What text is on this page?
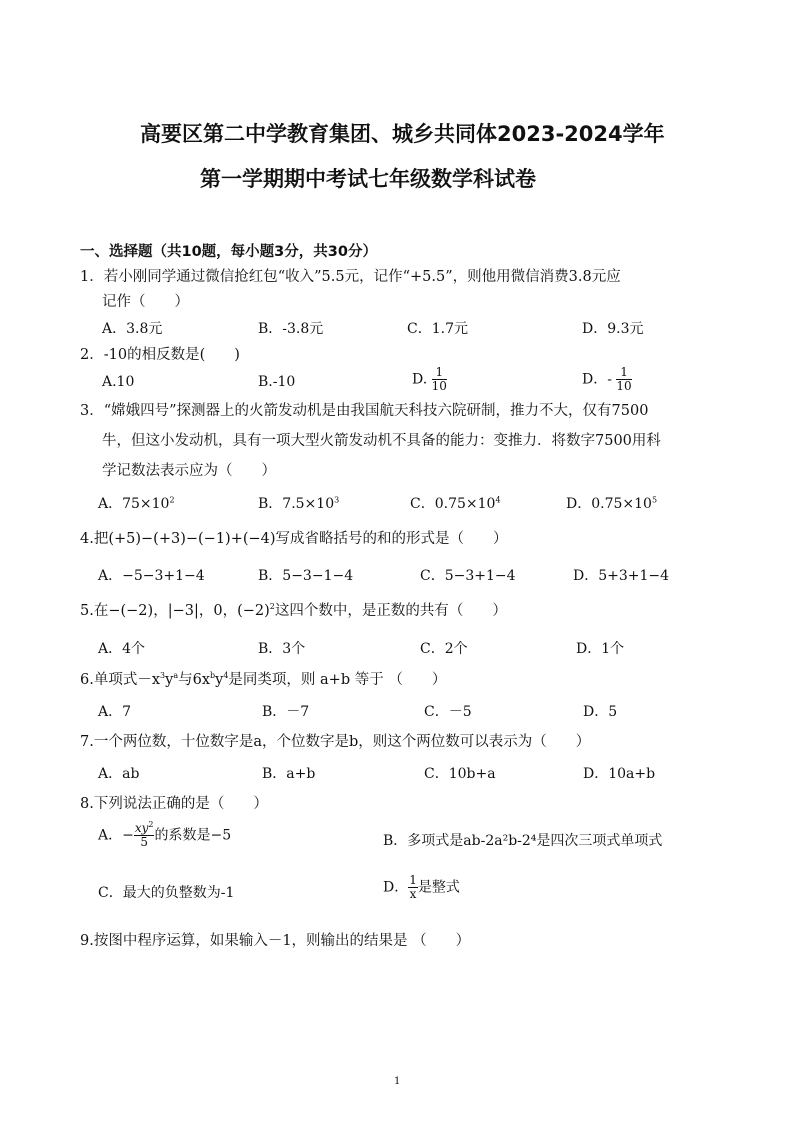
高要区第二中学教育集团、城乡共同体2023-2024学年
第一学期期中考试七年级数学科试卷
一、选择题（共10题，每小题3分，共30分）
1．若小刚同学通过微信抢红包“收入”5.5元，记作“+5.5”，则他用微信消费3.8元应
记作（　　）
A．3.8元	B．-3.8元	C．1.7元	D．9.3元
2．-10的相反数是(　　)
A.10	B.-10	D. $\frac{1}{10}$	D．- $\frac{1}{10}$
3．“嫦娥四号”探测器上的火箭发动机是由我国航天科技六院研制，推力不大，仅有7500
牛，但这小发动机，具有一项大型火箭发动机不具备的能力：变推力．将数字7500用科
学记数法表示应为（　　）
A．$75\times 10^2$	B．$7.5\times 10^3$	C．$0.75\times 10^4$	D．$0.75\times 10^5$
4.把(+5)−(+3)−(−1)+(−4)写成省略括号的和的形式是（　　）
A．−5−3+1−4	B．5−3−1−4	C．5−3+1−4	D．5+3+1−4
5.在−(−2)，|−3|，0，$(-2)^2$这四个数中，是正数的共有（　　）
A．4个	B．3个	C．2个	D．1个
6.单项式$-x^3y^a$与$6x^by^4$是同类项，则 a+b 等于 （　　）
A．7	B．－7	C．－5	D．5
7.一个两位数，十位数字是a，个位数字是b，则这个两位数可以表示为（　　）
A．ab	B．a+b	C．10b+a	D．10a+b
8.下列说法正确的是（　　）
A．− $\frac{xy^2}{5}$ 的系数是−5	B．多项式是ab-2a²b-2⁴是四次三项式单项式
C．最大的负整数为-1	D． $\frac{1}{x}$ 是整式
9.按图中程序运算，如果输入－1，则输出的结果是 （　　）
1
